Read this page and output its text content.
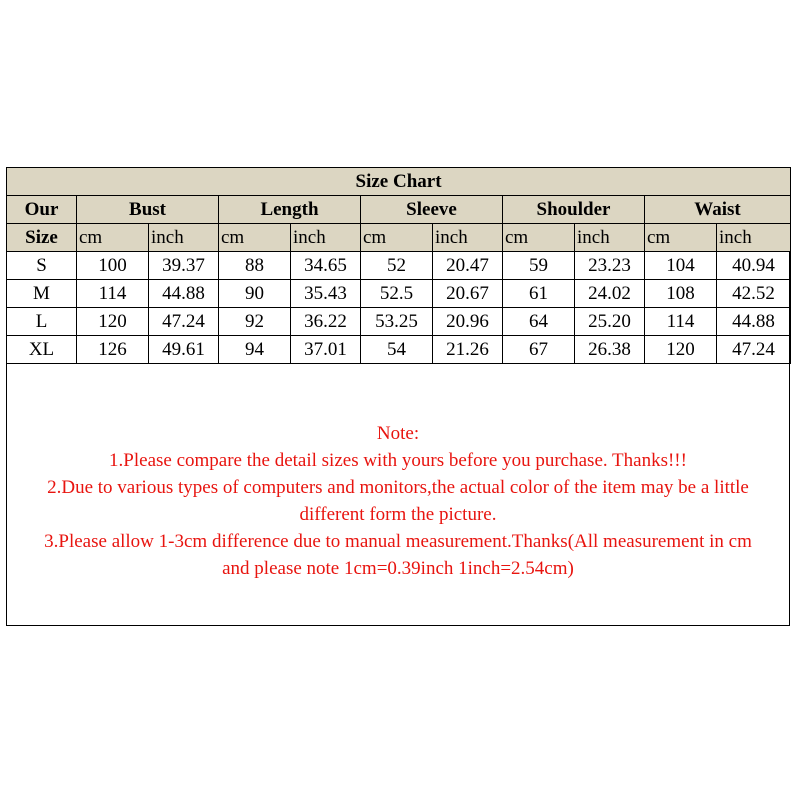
Size Chart										
Our	Bust		Length		Sleeve		Shoulder		Waist	
Size	cm	inch	cm	inch	cm	inch	cm	inch	cm	inch
S	100	39.37	88	34.65	52	20.47	59	23.23	104	40.94
M	114	44.88	90	35.43	52.5	20.67	61	24.02	108	42.52
L	120	47.24	92	36.22	53.25	20.96	64	25.20	114	44.88
XL	126	49.61	94	37.01	54	21.26	67	26.38	120	47.24
Note:
1.Please compare the detail sizes with yours before you purchase. Thanks!!!
2.Due to various types of computers and monitors,the actual color of the item may be a little
different form the picture.
3.Please allow 1-3cm difference due to manual measurement.Thanks(All measurement in cm
and please note 1cm=0.39inch 1inch=2.54cm)
